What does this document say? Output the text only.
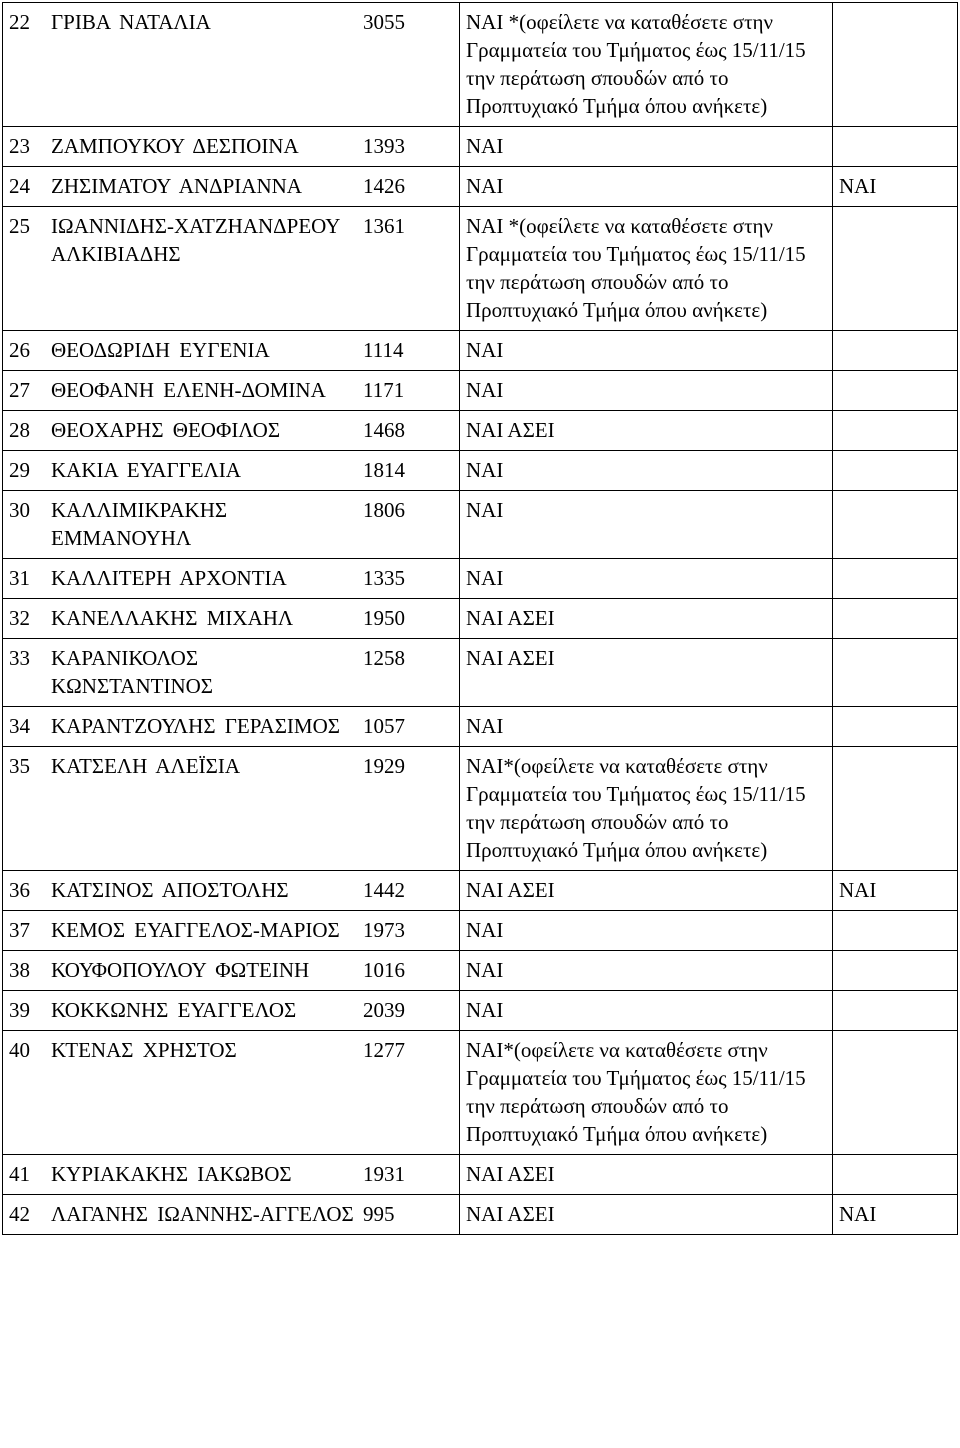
22 ΓΡΙΒΑ ΝΑΤΑΛΙΑ 3055	ΝΑΙ *(οφείλετε να καταθέσετε στην Γραμματεία του Τμήματος έως 15/11/15 την περάτωση σπουδών από το Προπτυχιακό Τμήμα όπου ανήκετε)	

23 ΖΑΜΠΟΥΚΟΥ ΔΕΣΠΟΙΝΑ 1393	ΝΑΙ	

24 ΖΗΣΙΜΑΤΟΥ ΑΝΔΡΙΑΝΝΑ 1426	ΝΑΙ	ΝΑΙ

25 ΙΩΑΝΝΙΔΗΣ-ΧΑΤΖΗΑΝΔΡΕΟΥ ΑΛΚΙΒΙΑΔΗΣ
1361	ΝΑΙ *(οφείλετε να καταθέσετε στην Γραμματεία του Τμήματος έως 15/11/15 την περάτωση σπουδών από το Προπτυχιακό Τμήμα όπου ανήκετε)	

26 ΘΕΟΔΩΡΙΔΗ ΕΥΓΕΝΙΑ 1114	ΝΑΙ	

27 ΘΕΟΦΑΝΗ ΕΛΕΝΗ-ΔΟΜΙΝΑ 1171	ΝΑΙ	

28 ΘΕΟΧΑΡΗΣ ΘΕΟΦΙΛΟΣ 1468	ΝΑΙ ΑΣΕΙ	

29 ΚΑΚΙΑ ΕΥΑΓΓΕΛΙΑ 1814	ΝΑΙ	

30 ΚΑΛΛΙΜΙΚΡΑΚΗΣ ΕΜΜΑΝΟΥΗΛ
1806	ΝΑΙ	

31 ΚΑΛΛΙΤΕΡΗ ΑΡΧΟΝΤΙΑ 1335	ΝΑΙ	

32 ΚΑΝΕΛΛΑΚΗΣ ΜΙΧΑΗΛ 1950	ΝΑΙ ΑΣΕΙ	

33 ΚΑΡΑΝΙΚΟΛΟΣ ΚΩΝΣΤΑΝΤΙΝΟΣ
1258	ΝΑΙ ΑΣΕΙ	

34 ΚΑΡΑΝΤΖΟΥΛΗΣ ΓΕΡΑΣΙΜΟΣ 1057	ΝΑΙ	

35 ΚΑΤΣΕΛΗ ΑΛΕΪΣΙΑ 1929	ΝΑΙ*(οφείλετε να καταθέσετε στην Γραμματεία του Τμήματος έως 15/11/15 την περάτωση σπουδών από το Προπτυχιακό Τμήμα όπου ανήκετε)	

36 ΚΑΤΣΙΝΟΣ ΑΠΟΣΤΟΛΗΣ 1442	ΝΑΙ ΑΣΕΙ	ΝΑΙ

37 ΚΕΜΟΣ ΕΥΑΓΓΕΛΟΣ-ΜΑΡΙΟΣ 1973	ΝΑΙ	

38 ΚΟΥΦΟΠΟΥΛΟΥ ΦΩΤΕΙΝΗ 1016	ΝΑΙ	

39 ΚΟΚΚΩΝΗΣ ΕΥΑΓΓΕΛΟΣ 2039	ΝΑΙ	

40 ΚΤΕΝΑΣ ΧΡΗΣΤΟΣ 1277	ΝΑΙ*(οφείλετε να καταθέσετε στην Γραμματεία του Τμήματος έως 15/11/15 την περάτωση σπουδών από το Προπτυχιακό Τμήμα όπου ανήκετε)	

41 ΚΥΡΙΑΚΑΚΗΣ ΙΑΚΩΒΟΣ 1931	ΝΑΙ ΑΣΕΙ	

42 ΛΑΓΑΝΗΣ ΙΩΑΝΝΗΣ-ΑΓΓΕΛΟΣ 995	ΝΑΙ ΑΣΕΙ	ΝΑΙ
